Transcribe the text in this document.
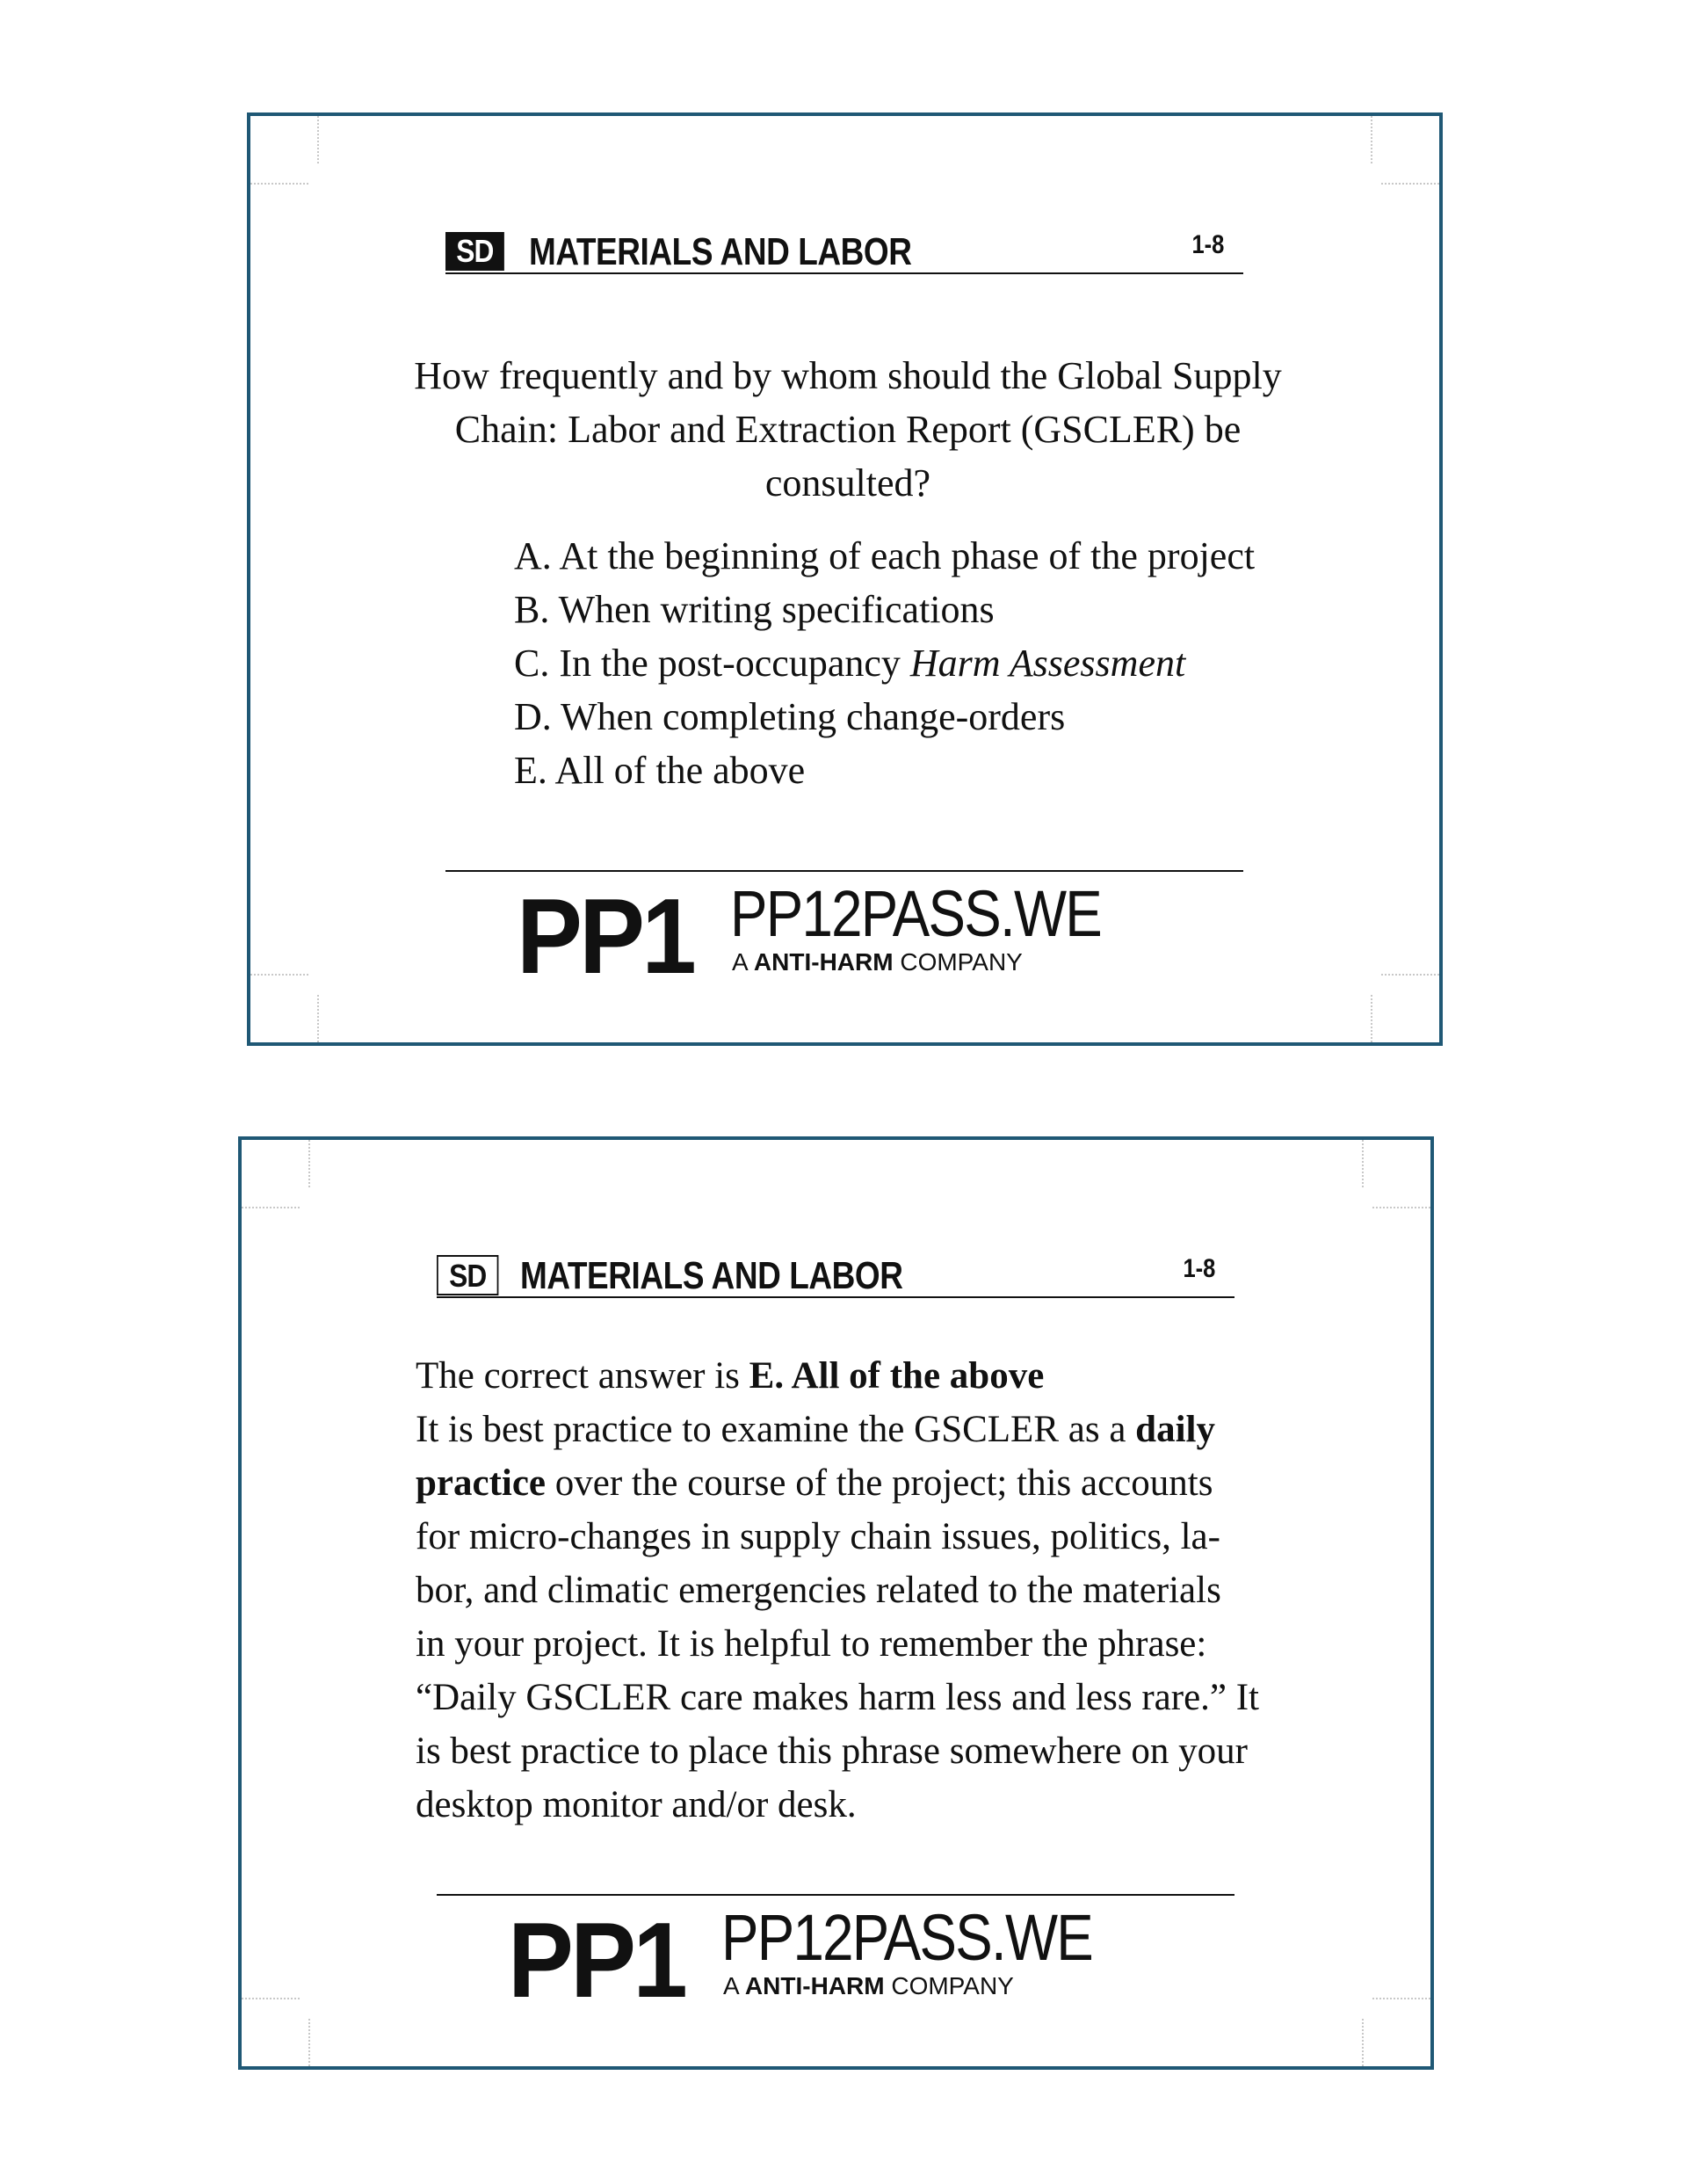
SD MATERIALS AND LABOR	1-8
How frequently and by whom should the Global Supply Chain: Labor and Extraction Report (GSCLER) be consulted?
A. At the beginning of each phase of the project
B. When writing specifications
C. In the post-occupancy Harm Assessment
D. When completing change-orders
E. All of the above
PP1 PP12PASS.WE
A ANTI-HARM COMPANY
SD MATERIALS AND LABOR	1-8
The correct answer is E. All of the above
It is best practice to examine the GSCLER as a daily practice over the course of the project; this accounts for micro-changes in supply chain issues, politics, la-bor, and climatic emergencies related to the materials in your project. It is helpful to remember the phrase: “Daily GSCLER care makes harm less and less rare.” It is best practice to place this phrase somewhere on your desktop monitor and/or desk.
PP1 PP12PASS.WE
A ANTI-HARM COMPANY
